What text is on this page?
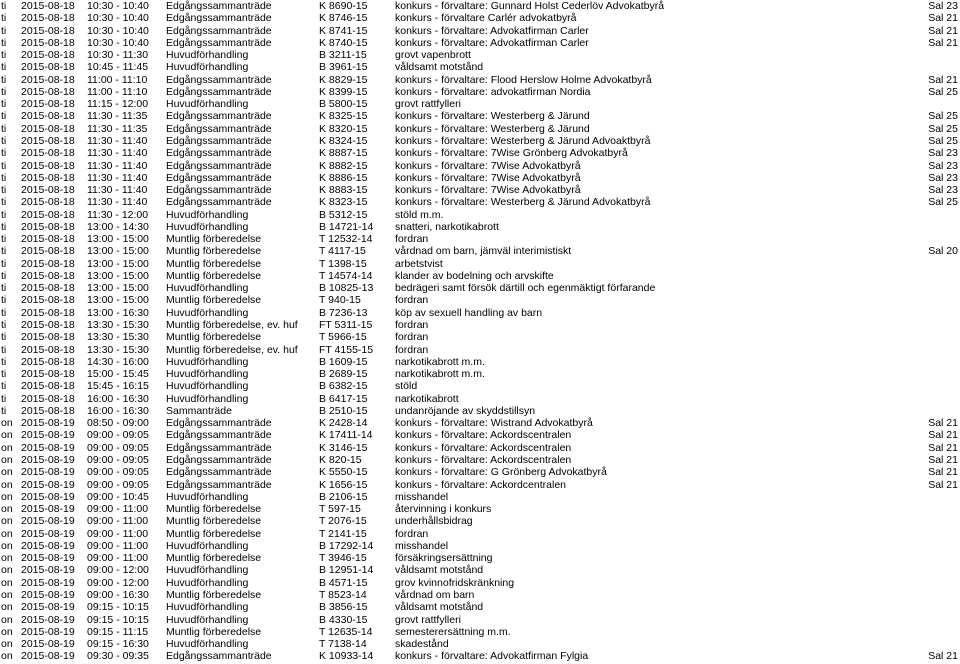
ti 2015-08-18 10:30 - 10:40 Edgångssammanträde	K 8690-15	konkurs - förvaltare: Gunnard Holst Cederlöv Advokatbyrå	Sal 23
ti 2015-08-18 10:30 - 10:40 Edgångssammanträde	K 8746-15	konkurs - förvaltare Carlér advokatbyrå	Sal 21
ti 2015-08-18 10:30 - 10:40 Edgångssammanträde	K 8741-15	konkurs - förvaltare: Advokatfirman Carler	Sal 21
ti 2015-08-18 10:30 - 10:40 Edgångssammanträde	K 8740-15	konkurs - förvaltare: Advokatfirman Carler	Sal 21
ti 2015-08-18 10:30 - 11:30 Huvudförhandling	B 3211-15	grovt vapenbrott
ti 2015-08-18 10:45 - 11:45 Huvudförhandling	B 3961-15	våldsamt motstånd
ti 2015-08-18 11:00 - 11:10 Edgångssammanträde	K 8829-15	konkurs - förvaltare: Flood Herslow Holme Advokatbyrå	Sal 21
ti 2015-08-18 11:00 - 11:10 Edgångssammanträde	K 8399-15	konkurs - förvaltare: advokatfirman Nordia	Sal 25
ti 2015-08-18 11:15 - 12:00 Huvudförhandling	B 5800-15	grovt rattfylleri
ti 2015-08-18 11:30 - 11:35 Edgångssammanträde	K 8325-15	konkurs - förvaltare: Westerberg & Järund	Sal 25
ti 2015-08-18 11:30 - 11:35 Edgångssammanträde	K 8320-15	konkurs - förvaltare: Westerberg & Järund	Sal 25
ti 2015-08-18 11:30 - 11:40 Edgångssammanträde	K 8324-15	konkurs - förvaltare: Westerberg & Järund Advoaktbyrå	Sal 25
ti 2015-08-18 11:30 - 11:40 Edgångssammanträde	K 8887-15	konkurs - förvaltare: 7Wise Grönberg Advokatbyrå	Sal 23
ti 2015-08-18 11:30 - 11:40 Edgångssammanträde	K 8882-15	konkurs - förvaltare: 7Wise Advokatbyrå	Sal 23
ti 2015-08-18 11:30 - 11:40 Edgångssammanträde	K 8886-15	konkurs - förvaltare: 7Wise Advokatbyrå	Sal 23
ti 2015-08-18 11:30 - 11:40 Edgångssammanträde	K 8883-15	konkurs - förvaltare: 7Wise Advokatbyrå	Sal 23
ti 2015-08-18 11:30 - 11:40 Edgångssammanträde	K 8323-15	konkurs - förvaltare: Westerberg & Järund Advokatbyrå	Sal 25
ti 2015-08-18 11:30 - 12:00 Huvudförhandling	B 5312-15	stöld m.m.
ti 2015-08-18 13:00 - 14:30 Huvudförhandling	B 14721-14 snatteri, narkotikabrott
ti 2015-08-18 13:00 - 15:00 Muntlig förberedelse	T 12532-14 fordran
ti 2015-08-18 13:00 - 15:00 Muntlig förberedelse	T 4117-15	vårdnad om barn, jämväl interimistiskt	Sal 20
ti 2015-08-18 13:00 - 15:00 Muntlig förberedelse	T 1398-15	arbetstvist
ti 2015-08-18 13:00 - 15:00 Muntlig förberedelse	T 14574-14 klander av bodelning och arvskifte
ti 2015-08-18 13:00 - 15:00 Huvudförhandling	B 10825-13 bedrägeri samt försök därtill och egenmäktigt förfarande
ti 2015-08-18 13:00 - 15:00 Muntlig förberedelse	T 940-15	fordran
ti 2015-08-18 13:00 - 16:30 Huvudförhandling	B 7236-13	köp av sexuell handling av barn
ti 2015-08-18 13:30 - 15:30 Muntlig förberedelse, ev. huf FT 5311-15 fordran
ti 2015-08-18 13:30 - 15:30 Muntlig förberedelse	T 5966-15	fordran
ti 2015-08-18 13:30 - 15:30 Muntlig förberedelse, ev. huf FT 4155-15 fordran
ti 2015-08-18 14:30 - 16:00 Huvudförhandling	B 1609-15	narkotikabrott m.m.
ti 2015-08-18 15:00 - 15:45 Huvudförhandling	B 2689-15	narkotikabrott m.m.
ti 2015-08-18 15:45 - 16:15 Huvudförhandling	B 6382-15	stöld
ti 2015-08-18 16:00 - 16:30 Huvudförhandling	B 6417-15	narkotikabrott
ti 2015-08-18 16:00 - 16:30 Sammanträde	B 2510-15	undanröjande av skyddstillsyn
on 2015-08-19 08:50 - 09:00 Edgångssammanträde	K 2428-14	konkurs - förvaltare: Wistrand Advokatbyrå	Sal 21
on 2015-08-19 09:00 - 09:05 Edgångssammanträde	K 17411-14 konkurs - förvaltare: Ackordscentralen	Sal 21
on 2015-08-19 09:00 - 09:05 Edgångssammanträde	K 3146-15	konkurs - förvaltare: Ackordscentralen	Sal 21
on 2015-08-19 09:00 - 09:05 Edgångssammanträde	K 820-15	konkurs - förvaltare: Ackordscentralen	Sal 21
on 2015-08-19 09:00 - 09:05 Edgångssammanträde	K 5550-15	konkurs - förvaltare: G Grönberg Advokatbyrå	Sal 21
on 2015-08-19 09:00 - 09:05 Edgångssammanträde	K 1656-15	konkurs - förvaltare: Ackordcentralen	Sal 21
on 2015-08-19 09:00 - 10:45 Huvudförhandling	B 2106-15	misshandel
on 2015-08-19 09:00 - 11:00 Muntlig förberedelse	T 597-15	återvinning i konkurs
on 2015-08-19 09:00 - 11:00 Muntlig förberedelse	T 2076-15	underhållsbidrag
on 2015-08-19 09:00 - 11:00 Muntlig förberedelse	T 2141-15	fordran
on 2015-08-19 09:00 - 11:00 Huvudförhandling	B 17292-14 misshandel
on 2015-08-19 09:00 - 11:00 Muntlig förberedelse	T 3946-15	försäkringsersättning
on 2015-08-19 09:00 - 12:00 Huvudförhandling	B 12951-14 våldsamt motstånd
on 2015-08-19 09:00 - 12:00 Huvudförhandling	B 4571-15	grov kvinnofridskränkning
on 2015-08-19 09:00 - 16:30 Muntlig förberedelse	T 8523-14	vårdnad om barn
on 2015-08-19 09:15 - 10:15 Huvudförhandling	B 3856-15	våldsamt motstånd
on 2015-08-19 09:15 - 10:15 Huvudförhandling	B 4330-15	grovt rattfylleri
on 2015-08-19 09:15 - 11:15 Muntlig förberedelse	T 12635-14 semesterersättning m.m.
on 2015-08-19 09:15 - 16:30 Huvudförhandling	T 7138-14	skadestånd
on 2015-08-19 09:30 - 09:35 Edgångssammanträde	K 10933-14 konkurs - förvaltare: Advokatfirman Fylgia	Sal 21
